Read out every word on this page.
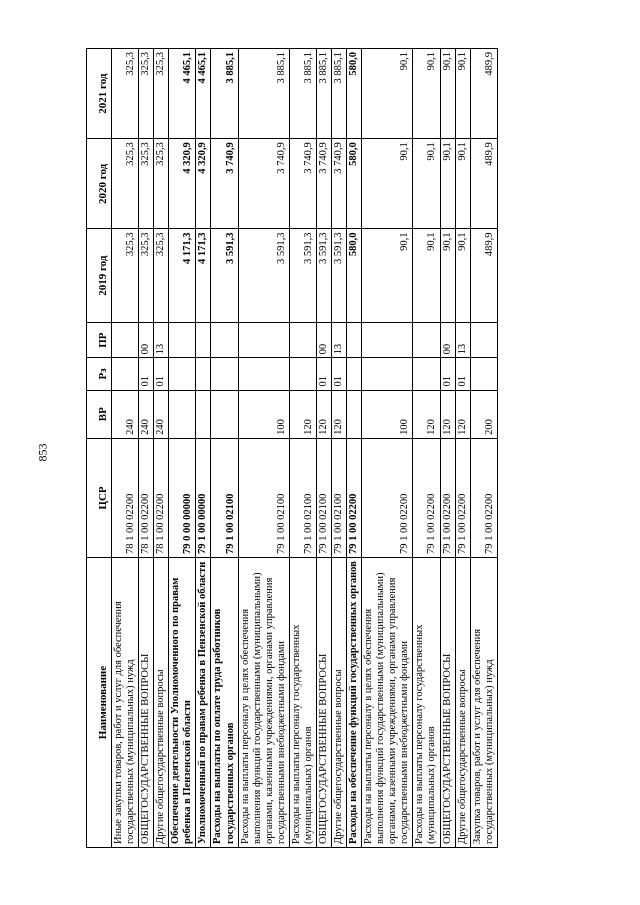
853
Наименование	ЦСР	ВР	Рз	ПР	2019 год	2020 год	2021 год
Иные закупки товаров, работ и услуг для обеспечения государственных (муниципальных) нужд	78 1 00 02200	240			325,3	325,3	325,3
ОБЩЕГОСУДАРСТВЕННЫЕ ВОПРОСЫ	78 1 00 02200	240	01	00	325,3	325,3	325,3
Другие общегосударственные вопросы	78 1 00 02200	240	01	13	325,3	325,3	325,3
Обеспечение деятельности Уполномоченного по правам ребенка в Пензенской области	79 0 00 00000				4 171,3	4 320,9	4 465,1
Уполномоченный по правам ребенка в Пензенской области	79 1 00 00000				4 171,3	4 320,9	4 465,1
Расходы на выплаты по оплате труда работников государственных органов	79 1 00 02100				3 591,3	3 740,9	3 885,1
Расходы на выплаты персоналу в целях обеспечения выполнения функций государственными (муниципальными) органами, казенными учреждениями, органами управления государственными внебюджетными фондами	79 1 00 02100	100			3 591,3	3 740,9	3 885,1
Расходы на выплаты персоналу государственных (муниципальных) органов	79 1 00 02100	120			3 591,3	3 740,9	3 885,1
ОБЩЕГОСУДАРСТВЕННЫЕ ВОПРОСЫ	79 1 00 02100	120	01	00	3 591,3	3 740,9	3 885,1
Другие общегосударственные вопросы	79 1 00 02100	120	01	13	3 591,3	3 740,9	3 885,1
Расходы на обеспечение функций государственных органов	79 1 00 02200				580,0	580,0	580,0
Расходы на выплаты персоналу в целях обеспечения выполнения функций государственными (муниципальными) органами, казенными учреждениями, органами управления государственными внебюджетными фондами	79 1 00 02200	100			90,1	90,1	90,1
Расходы на выплаты персоналу государственных (муниципальных) органов	79 1 00 02200	120			90,1	90,1	90,1
ОБЩЕГОСУДАРСТВЕННЫЕ ВОПРОСЫ	79 1 00 02200	120	01	00	90,1	90,1	90,1
Другие общегосударственные вопросы	79 1 00 02200	120	01	13	90,1	90,1	90,1
Закупка товаров, работ и услуг для обеспечения государственных (муниципальных) нужд	79 1 00 02200	200			489,9	489,9	489,9
